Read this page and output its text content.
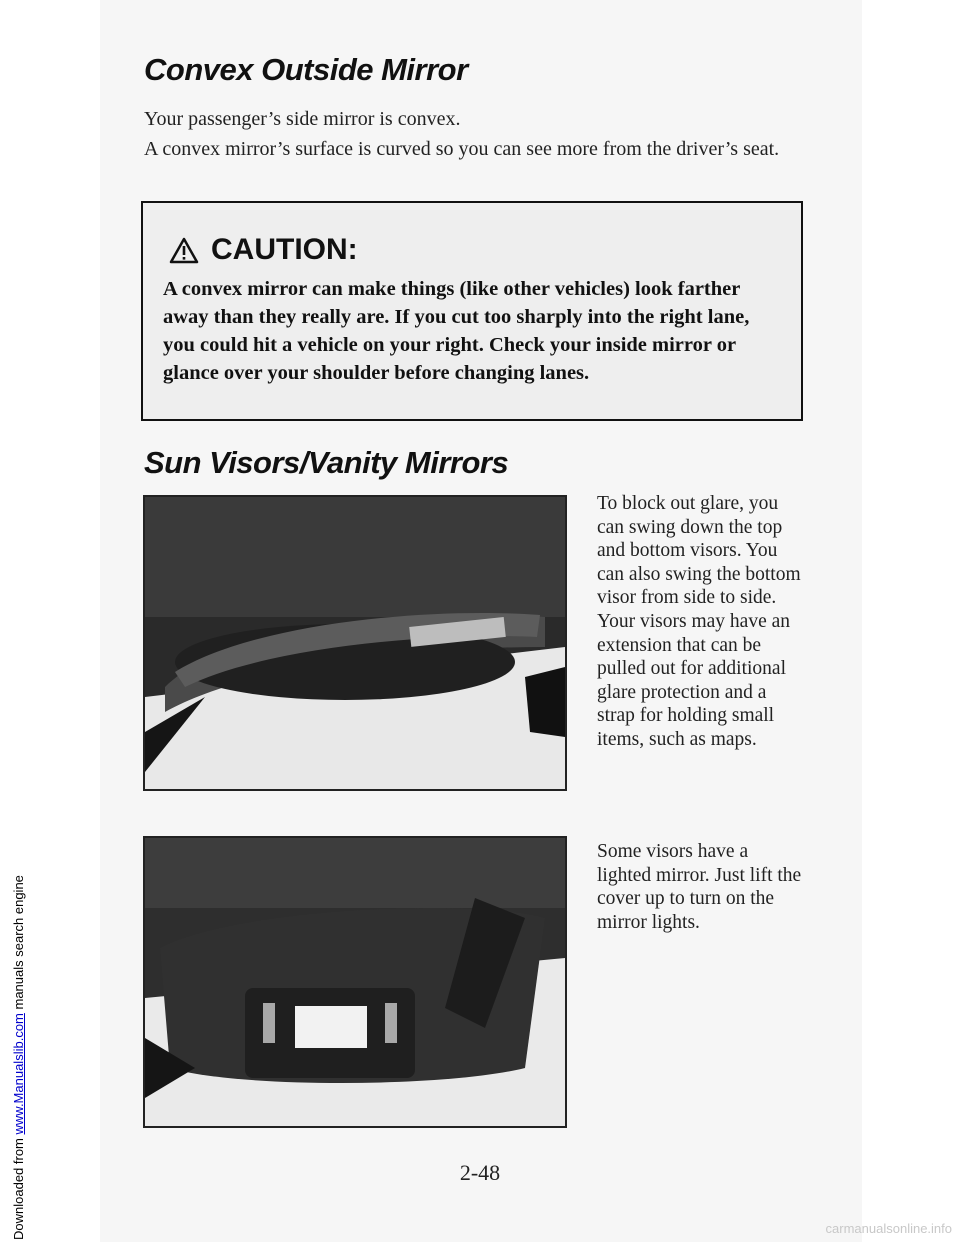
Downloaded from www.Manualslib.com manuals search engine
Convex Outside Mirror

Your passenger’s side mirror is convex.

A convex mirror’s surface is curved so you can see more from the driver’s seat.

CAUTION:
A convex mirror can make things (like other vehicles) look farther away than they really are. If you cut too sharply into the right lane, you could hit a vehicle on your right. Check your inside mirror or glance over your shoulder before changing lanes.
Sun Visors/Vanity Mirrors
To block out glare, you can swing down the top and bottom visors. You can also swing the bottom visor from side to side. Your visors may have an extension that can be pulled out for additional glare protection and a strap for holding small items, such as maps.
Some visors have a lighted mirror. Just lift the cover up to turn on the mirror lights.
2-48
carmanualsonline.info
